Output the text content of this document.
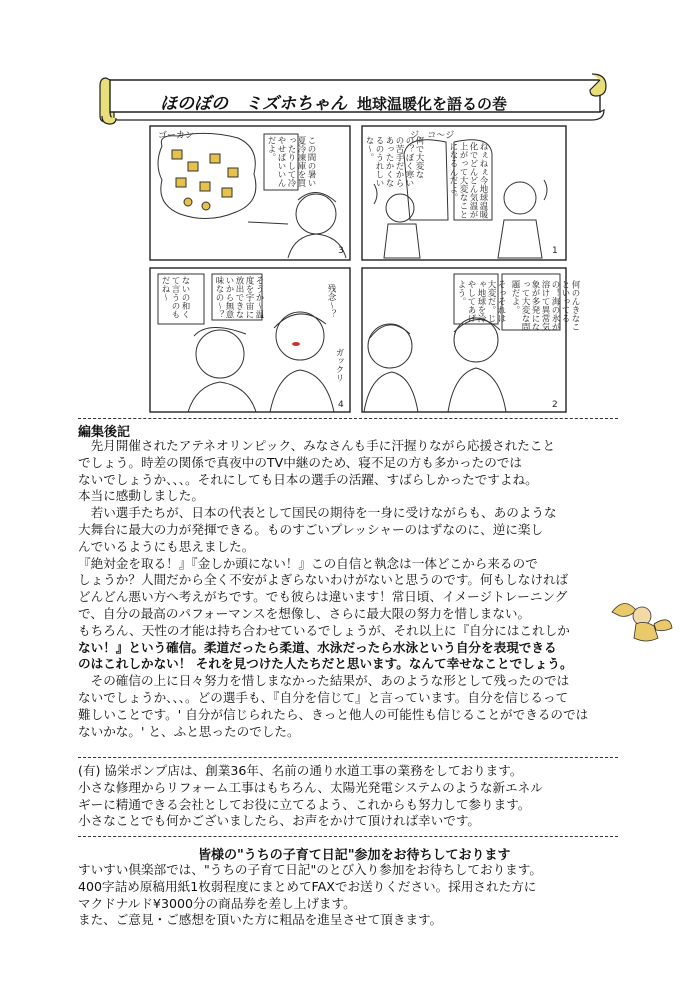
ほのぼの　ミズホちゃん 地球温暖化を語るの巻
ねぇねぇ今地球温暖化でどんどん気温が上がって大変なことになるんだよ。
ジ、コ〜ジ
何のんきなこといってるの！海の氷が溶けて異常気象が多発になって大変な問題だよ。
そっそれは大変だ。じゃ地球を冷やしてあげよう。
何で大変なの？ぼく寒いの苦手だからあったかくなるのうれしいな〜。
この間の暑い夏冷凍庫を買ったりして冷やせばいいんだよ。
ゴーカン
そうか〜温度を宇宙に放出できないから無意味なの〜？
ないの和くて言うのもだね〜	残念〜？
ガックリ
1
2
3
4
編集後記
　先月開催されたアテネオリンピック、みなさんも手に汗握りながら応援されたこと
でしょう。時差の関係で真夜中のTV中継のため、寝不足の方も多かったのでは
ないでしょうか、、、。それにしても日本の選手の活躍、すばらしかったですよね。
本当に感動しました。
　若い選手たちが、日本の代表として国民の期待を一身に受けながらも、あのような
大舞台に最大の力が発揮できる。ものすごいプレッシャーのはずなのに、逆に楽し
んでいるようにも思えました。
『絶対金を取る！』『金しか頭にない！』この自信と執念は一体どこから来るので
しょうか？人間だから全く不安がよぎらないわけがないと思うのです。何もしなければ
どんどん悪い方へ考えがちです。でも彼らは違います！常日頃、イメージトレーニング
で、自分の最高のパフォーマンスを想像し、さらに最大限の努力を惜しまない。
もちろん、天性の才能は持ち合わせているでしょうが、それ以上に『自分にはこれしか
ない！』という確信。柔道だったら柔道、水泳だったら水泳という自分を表現できる
のはこれしかない！ それを見つけた人たちだと思います。なんて幸せなことでしょう。
　その確信の上に日々努力を惜しまなかった結果が、あのような形として残ったのでは
ないでしょうか、、、。どの選手も、『自分を信じて』と言っています。自分を信じるって
難しいことです。' 自分が信じられたら、きっと他人の可能性も信じることができるのでは
ないかな。' と、ふと思ったのでした。
(有) 協栄ポンプ店は、創業36年、名前の通り水道工事の業務をしております。
小さな修理からリフォーム工事はもちろん、太陽光発電システムのような新エネル
ギーに精通できる会社としてお役に立てるよう、これからも努力して参ります。
小さなことでも何かございましたら、お声をかけて頂ければ幸いです。
皆様の"うちの子育て日記"参加をお待ちしております
すいすい倶楽部では、"うちの子育て日記"のとび入り参加をお待ちしております。
400字詰め原稿用紙1枚弱程度にまとめてFAXでお送りください。採用された方に
マクドナルド¥3000分の商品券を差し上げます。
また、ご意見・ご感想を頂いた方に粗品を進呈させて頂きます。
